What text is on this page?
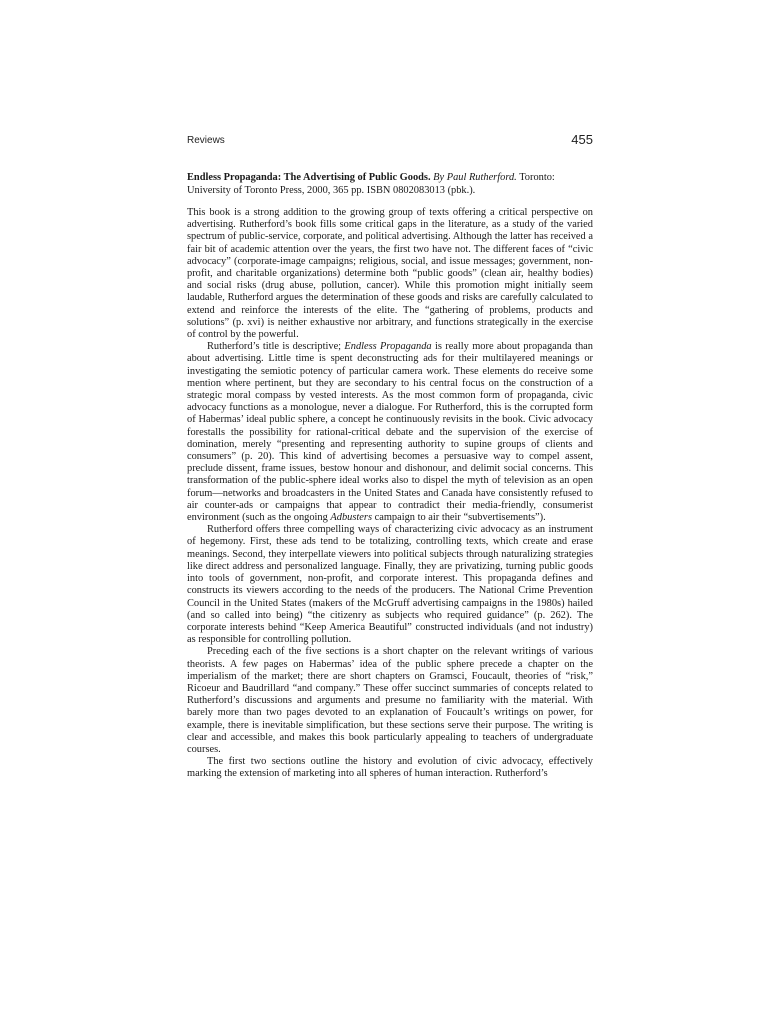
Reviews	455
Endless Propaganda: The Advertising of Public Goods. By Paul Rutherford. Toronto: University of Toronto Press, 2000, 365 pp. ISBN 0802083013 (pbk.).

This book is a strong addition to the growing group of texts offering a critical perspective on advertising. Rutherford’s book fills some critical gaps in the literature, as a study of the varied spectrum of public-service, corporate, and political advertising. Although the latter has received a fair bit of academic attention over the years, the first two have not. The different faces of “civic advocacy” (corporate-image campaigns; religious, social, and issue messages; government, non-profit, and charitable organizations) determine both “public goods” (clean air, healthy bodies) and social risks (drug abuse, pollution, cancer). While this promotion might initially seem laudable, Rutherford argues the determination of these goods and risks are carefully calculated to extend and reinforce the interests of the elite. The “gathering of problems, products and solutions” (p. xvi) is neither exhaustive nor arbitrary, and functions strategically in the exercise of control by the powerful.

Rutherford’s title is descriptive; Endless Propaganda is really more about propaganda than about advertising. Little time is spent deconstructing ads for their multilayered meanings or investigating the semiotic potency of particular camera work. These elements do receive some mention where pertinent, but they are secondary to his central focus on the construction of a strategic moral compass by vested interests. As the most common form of propaganda, civic advocacy functions as a monologue, never a dialogue. For Rutherford, this is the corrupted form of Habermas’ ideal public sphere, a concept he continuously revisits in the book. Civic advocacy forestalls the possibility for rational-critical debate and the supervision of the exercise of domination, merely “presenting and representing authority to supine groups of clients and consumers” (p. 20). This kind of advertising becomes a persuasive way to compel assent, preclude dissent, frame issues, bestow honour and dishonour, and delimit social concerns. This transformation of the public-sphere ideal works also to dispel the myth of television as an open forum—networks and broadcasters in the United States and Canada have consistently refused to air counter-ads or campaigns that appear to contradict their media-friendly, consumerist environment (such as the ongoing Adbusters campaign to air their “subvertisements”).

Rutherford offers three compelling ways of characterizing civic advocacy as an instrument of hegemony. First, these ads tend to be totalizing, controlling texts, which create and erase meanings. Second, they interpellate viewers into political subjects through naturalizing strategies like direct address and personalized language. Finally, they are privatizing, turning public goods into tools of government, non-profit, and corporate interest. This propaganda defines and constructs its viewers according to the needs of the producers. The National Crime Prevention Council in the United States (makers of the McGruff advertising campaigns in the 1980s) hailed (and so called into being) “the citizenry as subjects who required guidance” (p. 262). The corporate interests behind “Keep America Beautiful” constructed individuals (and not industry) as responsible for controlling pollution.

Preceding each of the five sections is a short chapter on the relevant writings of various theorists. A few pages on Habermas’ idea of the public sphere precede a chapter on the imperialism of the market; there are short chapters on Gramsci, Foucault, theories of “risk,” Ricoeur and Baudrillard “and company.” These offer succinct summaries of concepts related to Rutherford’s discussions and arguments and presume no familiarity with the material. With barely more than two pages devoted to an explanation of Foucault’s writings on power, for example, there is inevitable simplification, but these sections serve their purpose. The writing is clear and accessible, and makes this book particularly appealing to teachers of undergraduate courses.

The first two sections outline the history and evolution of civic advocacy, effectively marking the extension of marketing into all spheres of human interaction. Rutherford’s
